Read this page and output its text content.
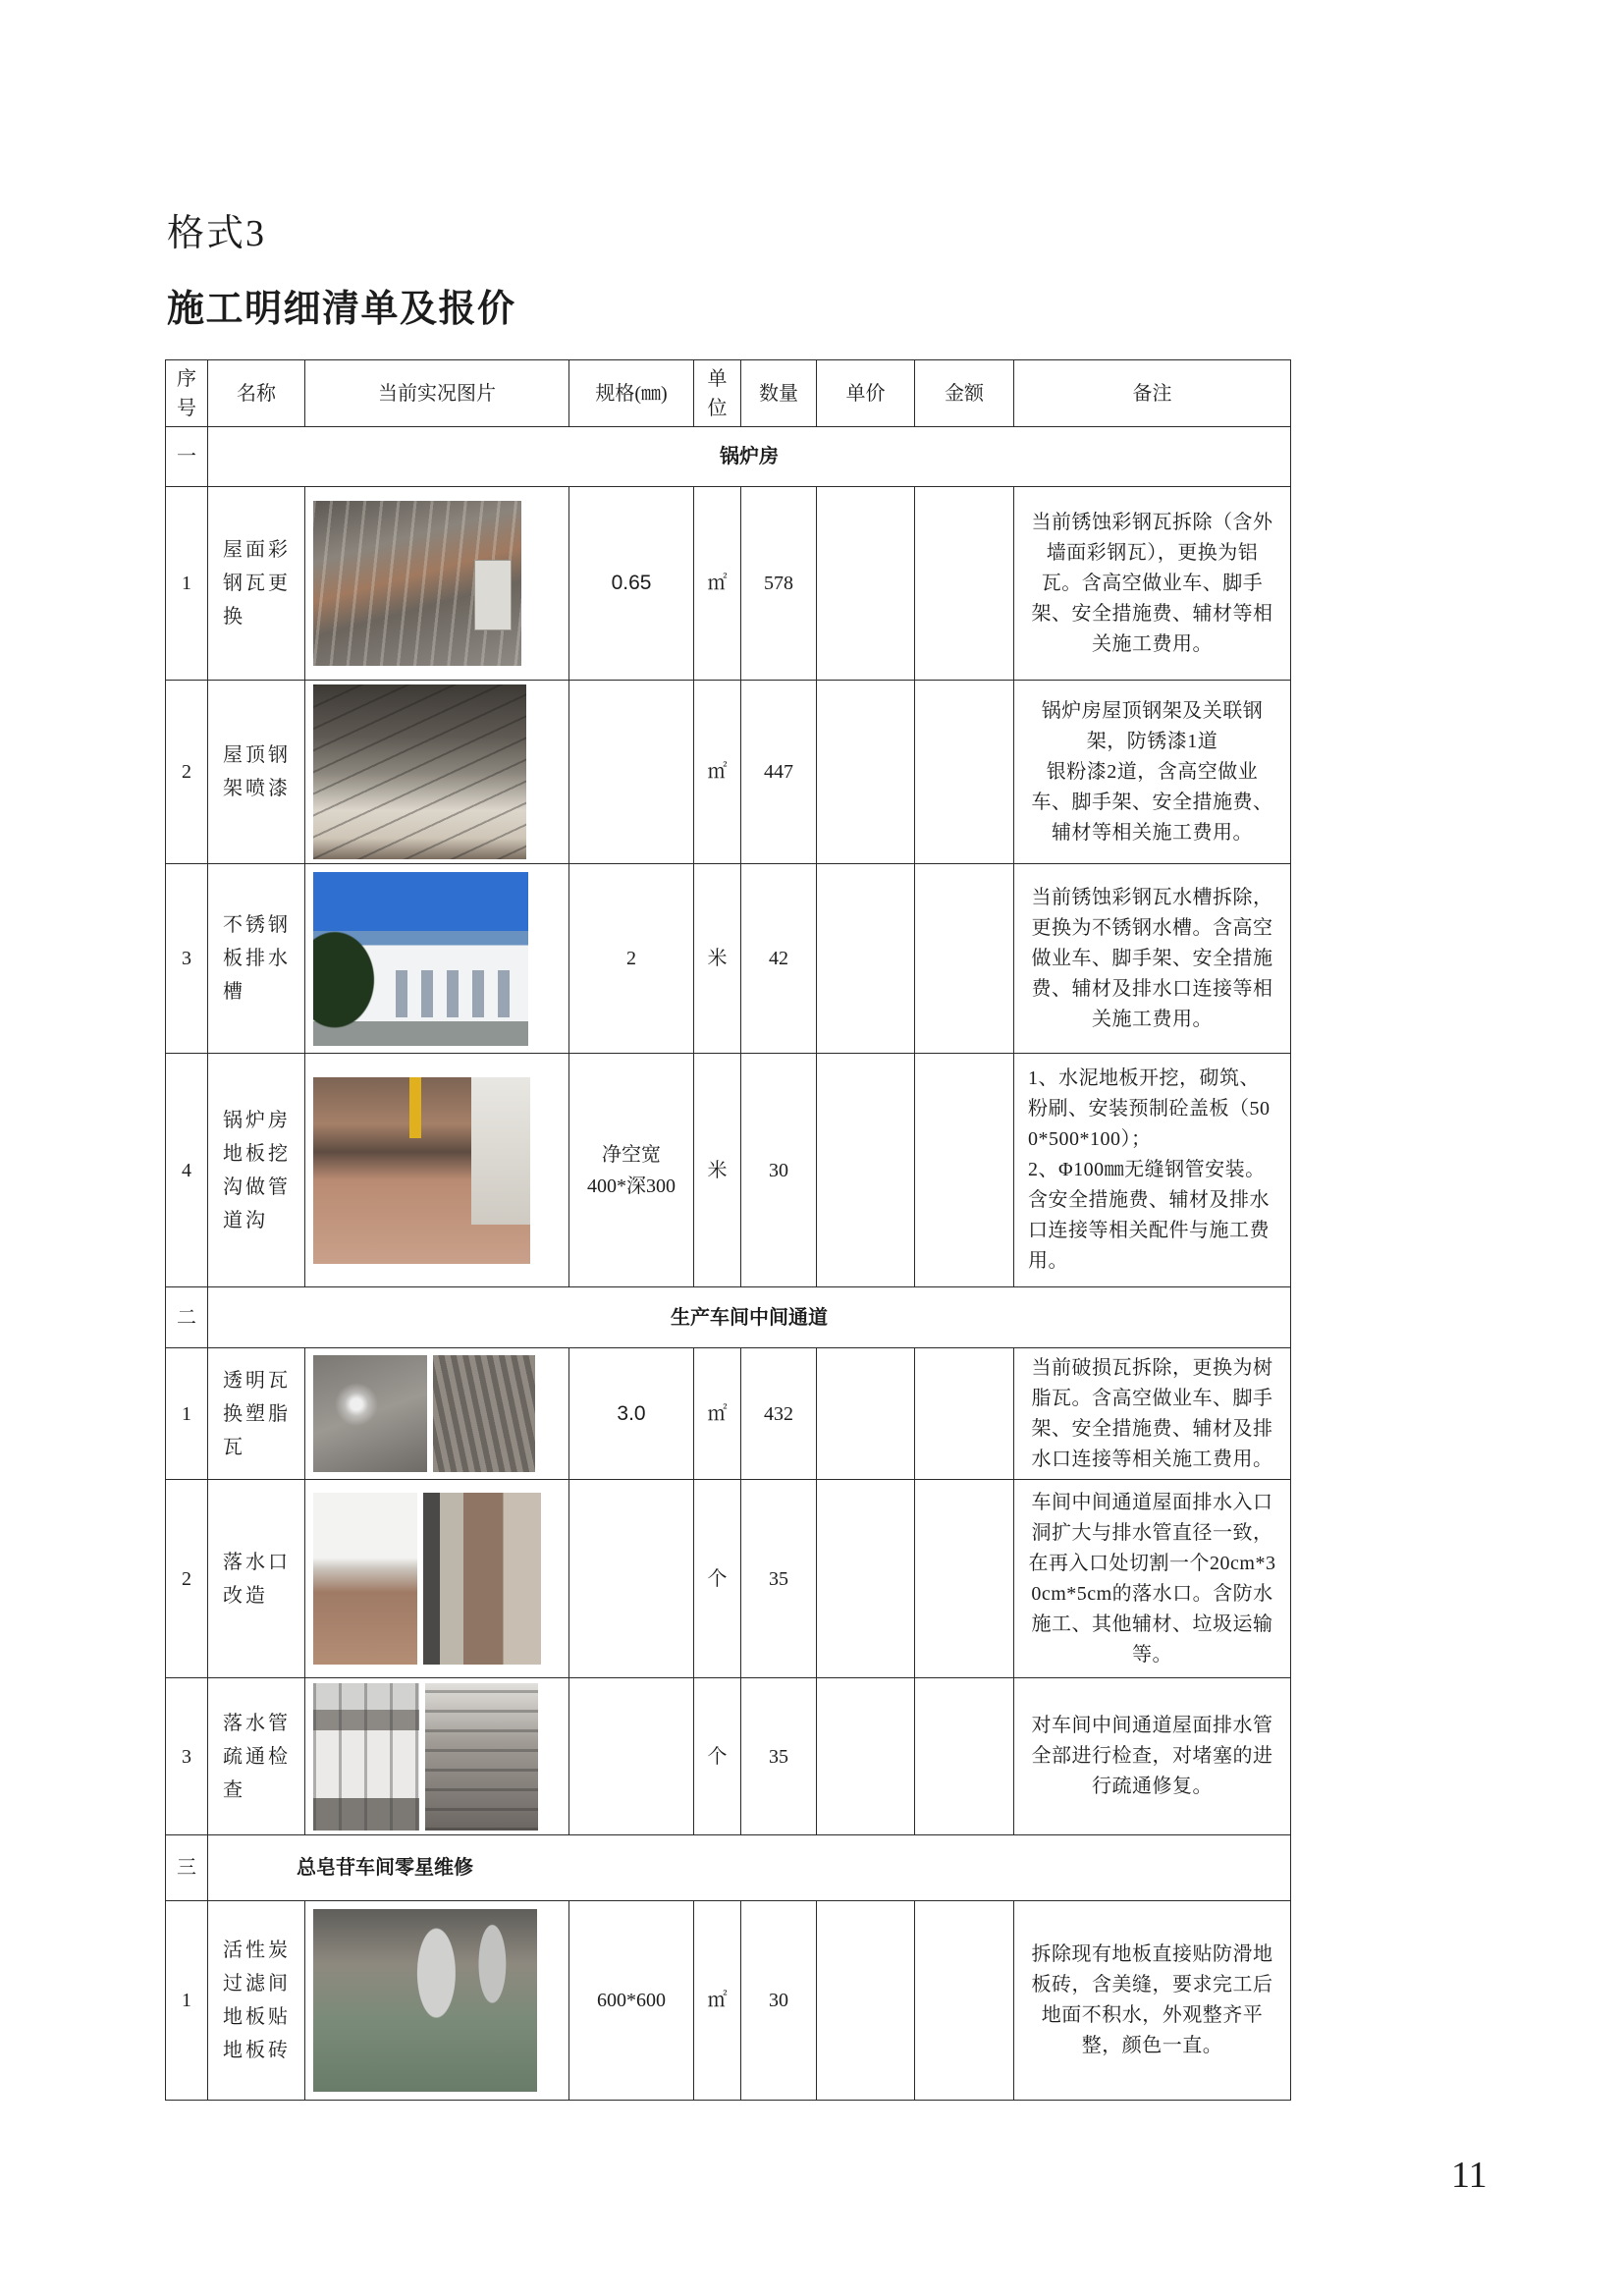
格式3
施工明细清单及报价
序号	名称	当前实况图片	规格(㎜)	单位	数量	单价	金额	备注
一	锅炉房							
1	屋面彩钢瓦更换		0.65	㎡	578			当前锈蚀彩钢瓦拆除（含外墙面彩钢瓦），更换为铝瓦。含高空做业车、脚手架、安全措施费、辅材等相关施工费用。

2	屋顶钢架喷漆			㎡	447			锅炉房屋顶钢架及关联钢架，防锈漆1道
银粉漆2道，含高空做业车、脚手架、安全措施费、辅材等相关施工费用。

3	不锈钢板排水槽		2	米	42			当前锈蚀彩钢瓦水槽拆除，更换为不锈钢水槽。含高空做业车、脚手架、安全措施费、辅材及排水口连接等相关施工费用。

4	锅炉房地板挖沟做管道沟		净空宽
400*深300	米	30			1、水泥地板开挖，砌筑、粉刷、安装预制砼盖板（500*500*100）；
2、Φ100㎜无缝钢管安装。含安全措施费、辅材及排水口连接等相关配件与施工费用。

二	生产车间中间通道							
1	透明瓦换塑脂瓦		3.0	㎡	432			当前破损瓦拆除，更换为树脂瓦。含高空做业车、脚手架、安全措施费、辅材及排水口连接等相关施工费用。

2	落水口改造			个	35			车间中间通道屋面排水入口洞扩大与排水管直径一致，在再入口处切割一个20cm*30cm*5cm的落水口。含防水施工、其他辅材、垃圾运输等。

3	落水管疏通检查			个	35			对车间中间通道屋面排水管全部进行检查，对堵塞的进行疏通修复。

三	总皂苷车间零星维修							
1	活性炭过滤间地板贴地板砖		600*600	㎡	30			拆除现有地板直接贴防滑地板砖，含美缝，要求完工后地面不积水，外观整齐平整，颜色一直。
11
